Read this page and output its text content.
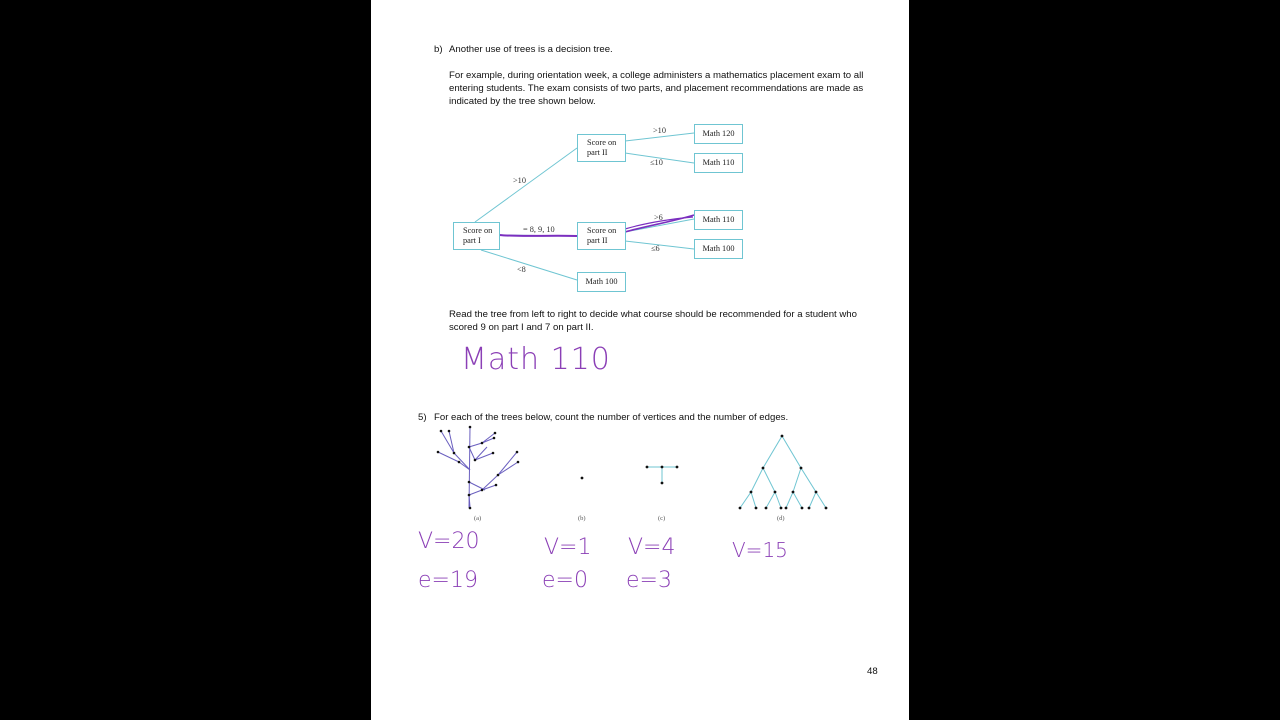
b) Another use of trees is a decision tree.
For example, during orientation week, a college administers a mathematics placement exam to all
entering students. The exam consists of two parts, and placement recommendations are made as
indicated by the tree shown below.
Score on
part I
Score on
part II
Score on
part II
Math 120
Math 110
Math 110
Math 100
Math 100
>10
= 8, 9, 10
<8
>10
≤10
>6
≤6
Read the tree from left to right to decide what course should be recommended for a student who
scored 9 on part I and 7 on part II.
Math 110
5) For each of the trees below, count the number of vertices and the number of edges.
(a)	(b)	(c)	(d)
V=20
e=19
V=1
e=0
V=4
e=3
V=15
48
